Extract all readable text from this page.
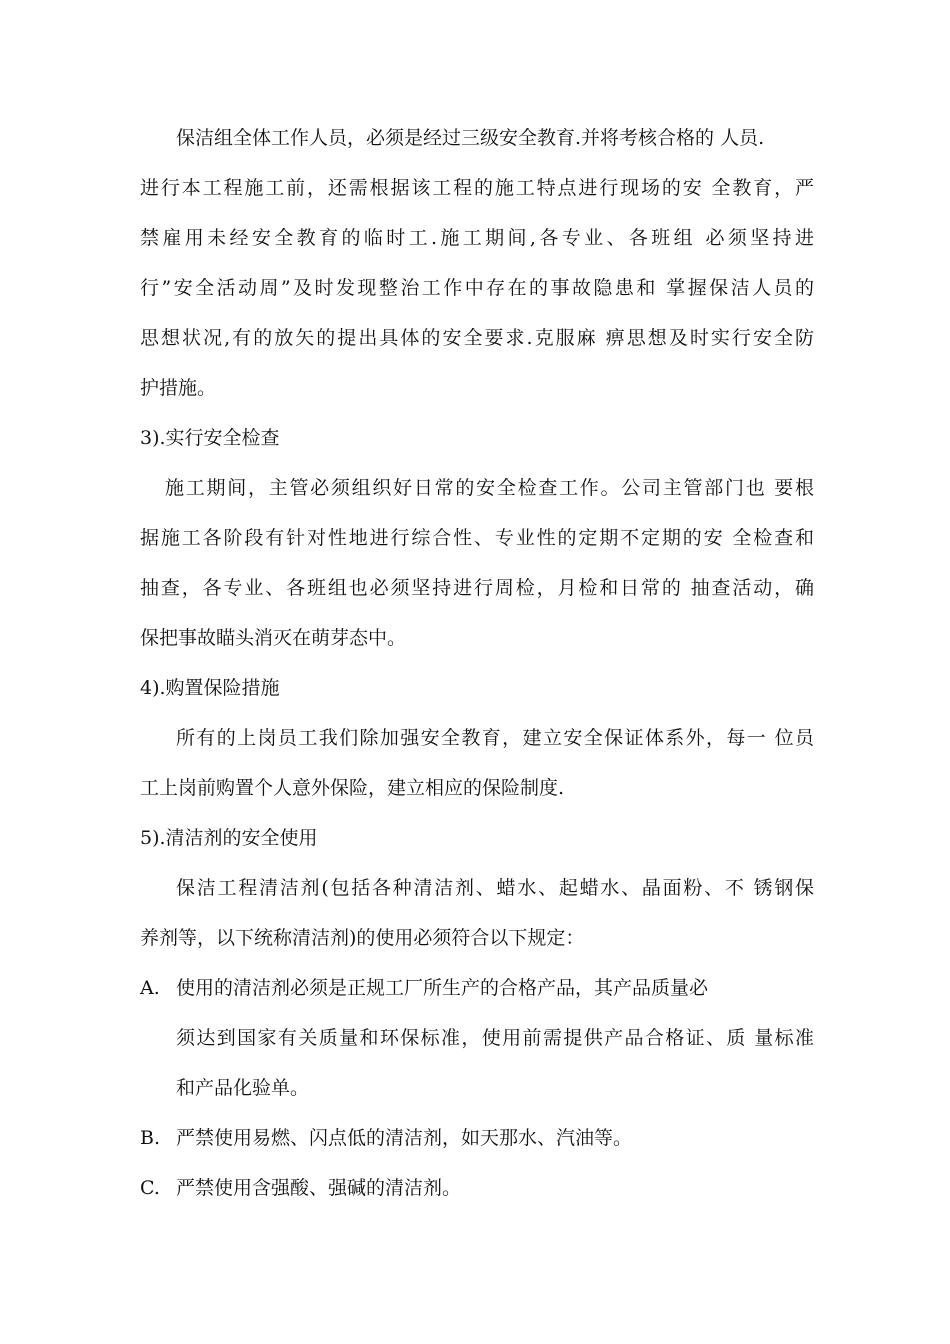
保洁组全体工作人员，必须是经过三级安全教育.并将考核合格的 人员.
进行本工程施工前，还需根据该工程的施工特点进行现场的安 全教育，严
禁雇用未经安全教育的临时工.施工期间,各专业、各班组 必须坚持进
行”安全活动周”及时发现整治工作中存在的事故隐患和 掌握保洁人员的
思想状况,有的放矢的提出具体的安全要求.克服麻 痹思想及时实行安全防
护措施。
3).实行安全检查
施工期间，主管必须组织好日常的安全检查工作。公司主管部门也 要根
据施工各阶段有针对性地进行综合性、专业性的定期不定期的安 全检查和
抽查，各专业、各班组也必须坚持进行周检，月检和日常的 抽查活动，确
保把事故瞄头消灭在萌芽态中。
4).购置保险措施
所有的上岗员工我们除加强安全教育，建立安全保证体系外，每一 位员
工上岗前购置个人意外保险，建立相应的保险制度.
5).清洁剂的安全使用
保洁工程清洁剂(包括各种清洁剂、蜡水、起蜡水、晶面粉、不 锈钢保
养剂等，以下统称清洁剂)的使用必须符合以下规定：
A. 使用的清洁剂必须是正规工厂所生产的合格产品，其产品质量必
须达到国家有关质量和环保标准，使用前需提供产品合格证、质 量标准
和产品化验单。
B. 严禁使用易燃、闪点低的清洁剂，如天那水、汽油等。
C. 严禁使用含强酸、强碱的清洁剂。
